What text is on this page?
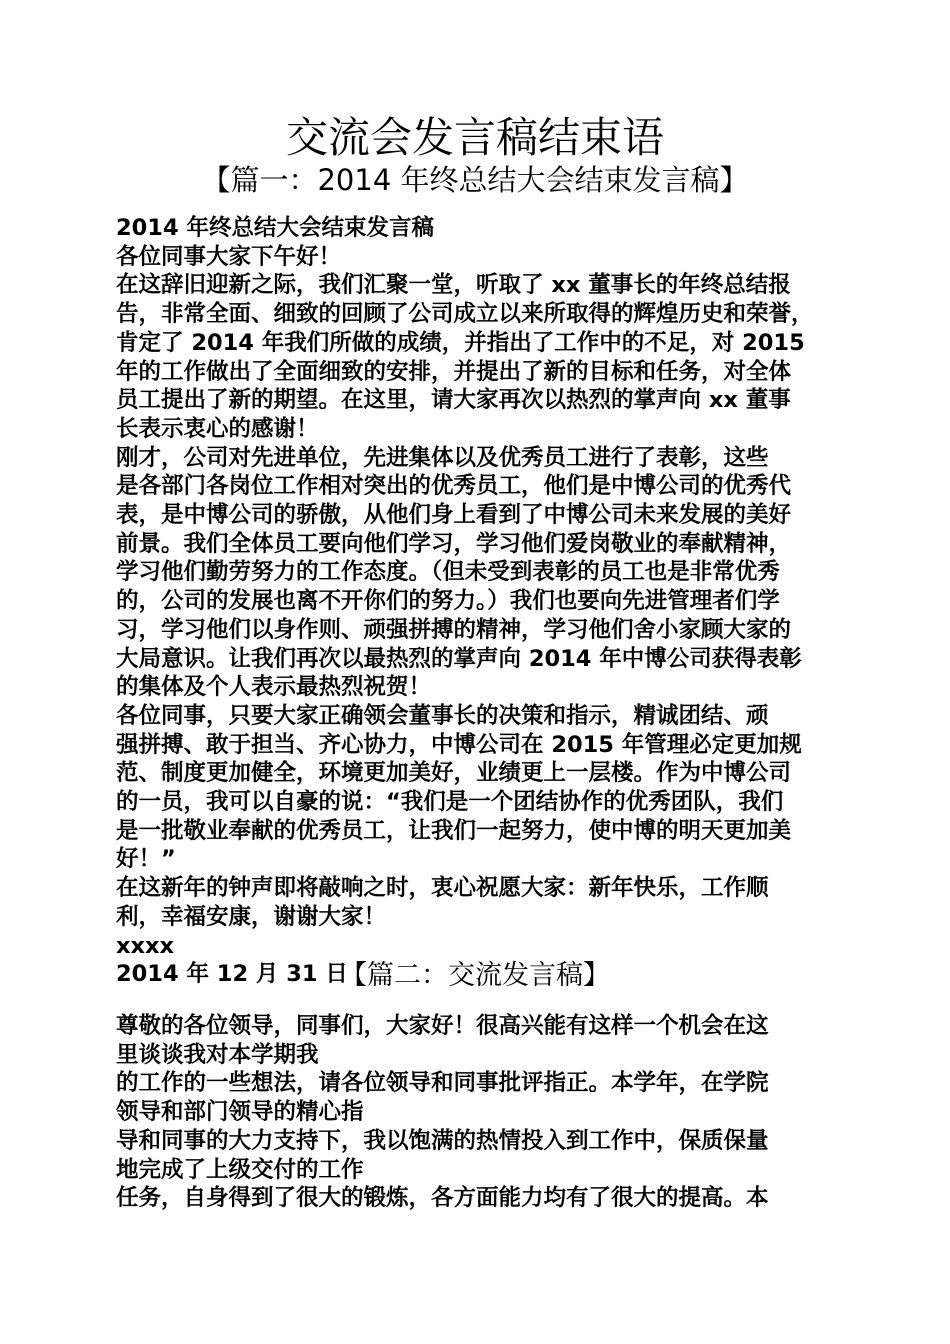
交流会发言稿结束语
【篇一：2014 年终总结大会结束发言稿】
2014 年终总结大会结束发言稿
各位同事大家下午好！
在这辞旧迎新之际，我们汇聚一堂，听取了 xx 董事长的年终总结报
告，非常全面、细致的回顾了公司成立以来所取得的辉煌历史和荣誉，
肯定了 2014 年我们所做的成绩，并指出了工作中的不足，对 2015
年的工作做出了全面细致的安排，并提出了新的目标和任务，对全体
员工提出了新的期望。在这里，请大家再次以热烈的掌声向 xx 董事
长表示衷心的感谢！
刚才，公司对先进单位，先进集体以及优秀员工进行了表彰，这些
是各部门各岗位工作相对突出的优秀员工，他们是中博公司的优秀代
表，是中博公司的骄傲，从他们身上看到了中博公司未来发展的美好
前景。我们全体员工要向他们学习，学习他们爱岗敬业的奉献精神，
学习他们勤劳努力的工作态度。（但未受到表彰的员工也是非常优秀
的，公司的发展也离不开你们的努力。）我们也要向先进管理者们学
习，学习他们以身作则、顽强拼搏的精神，学习他们舍小家顾大家的
大局意识。让我们再次以最热烈的掌声向 2014 年中博公司获得表彰
的集体及个人表示最热烈祝贺！
各位同事，只要大家正确领会董事长的决策和指示，精诚团结、顽
强拼搏、敢于担当、齐心协力，中博公司在 2015 年管理必定更加规
范、制度更加健全，环境更加美好，业绩更上一层楼。作为中博公司
的一员，我可以自豪的说：“我们是一个团结协作的优秀团队，我们
是一批敬业奉献的优秀员工，让我们一起努力，使中博的明天更加美
好！”
在这新年的钟声即将敲响之时，衷心祝愿大家：新年快乐，工作顺
利，幸福安康，谢谢大家！
xxxx
2014 年 12 月 31 日
【篇二：交流发言稿】
尊敬的各位领导，同事们，大家好！很高兴能有这样一个机会在这
里谈谈我对本学期我
的工作的一些想法，请各位领导和同事批评指正。本学年，在学院
领导和部门领导的精心指
导和同事的大力支持下，我以饱满的热情投入到工作中，保质保量
地完成了上级交付的工作
任务，自身得到了很大的锻炼，各方面能力均有了很大的提高。本
